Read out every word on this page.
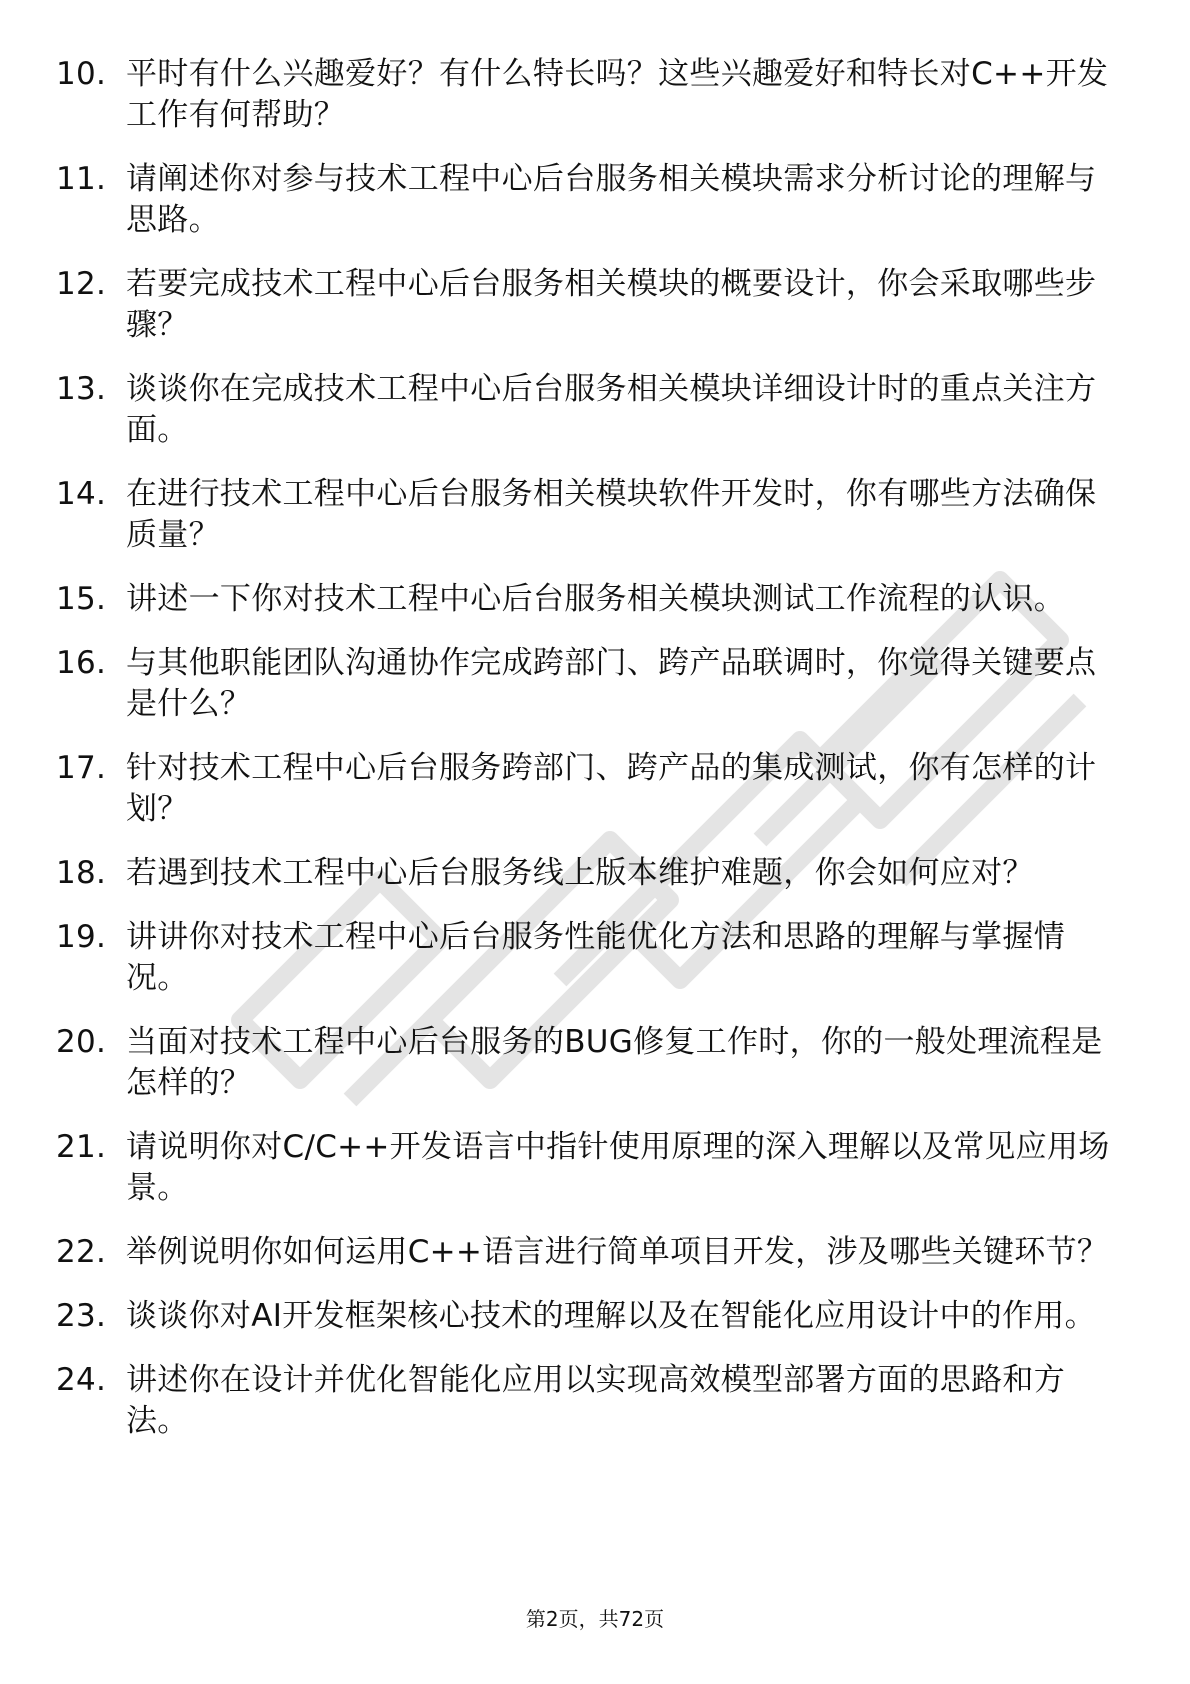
10. 平时有什么兴趣爱好？有什么特长吗？这些兴趣爱好和特长对C++开发工作有何帮助？
11. 请阐述你对参与技术工程中心后台服务相关模块需求分析讨论的理解与思路。
12. 若要完成技术工程中心后台服务相关模块的概要设计，你会采取哪些步骤？
13. 谈谈你在完成技术工程中心后台服务相关模块详细设计时的重点关注方面。
14. 在进行技术工程中心后台服务相关模块软件开发时，你有哪些方法确保质量？
15. 讲述一下你对技术工程中心后台服务相关模块测试工作流程的认识。
16. 与其他职能团队沟通协作完成跨部门、跨产品联调时，你觉得关键要点是什么？
17. 针对技术工程中心后台服务跨部门、跨产品的集成测试，你有怎样的计划？
18. 若遇到技术工程中心后台服务线上版本维护难题，你会如何应对？
19. 讲讲你对技术工程中心后台服务性能优化方法和思路的理解与掌握情况。
20. 当面对技术工程中心后台服务的BUG修复工作时，你的一般处理流程是怎样的？
21. 请说明你对C/C++开发语言中指针使用原理的深入理解以及常见应用场景。
22. 举例说明你如何运用C++语言进行简单项目开发，涉及哪些关键环节？
23. 谈谈你对AI开发框架核心技术的理解以及在智能化应用设计中的作用。
24. 讲述你在设计并优化智能化应用以实现高效模型部署方面的思路和方法。
第2页，共72页
